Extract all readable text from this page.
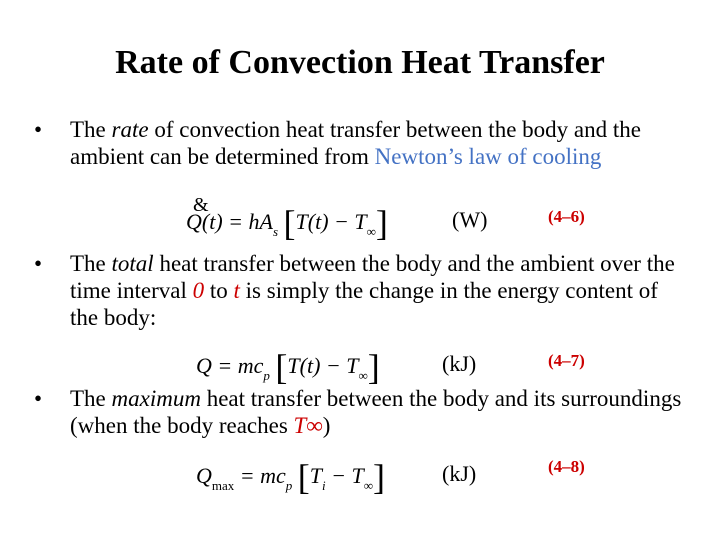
Rate of Convection Heat Transfer
• The rate of convection heat transfer between the body and the ambient can be determined from Newton’s law of cooling
&
$Q(t) = hA_s$ $[T(t) - T_\infty]$	(W)	(4–6)
• The total heat transfer between the body and the ambient over the time interval 0 to t is simply the change in the energy content of the body:
$Q = mc_p$ $[T(t) - T_\infty]$	(kJ)	(4–7)
• The maximum heat transfer between the body and its surroundings (when the body reaches T∞)
$Q_{max} = mc_p$ $[T_i - T_\infty]$	(kJ)	(4–8)
